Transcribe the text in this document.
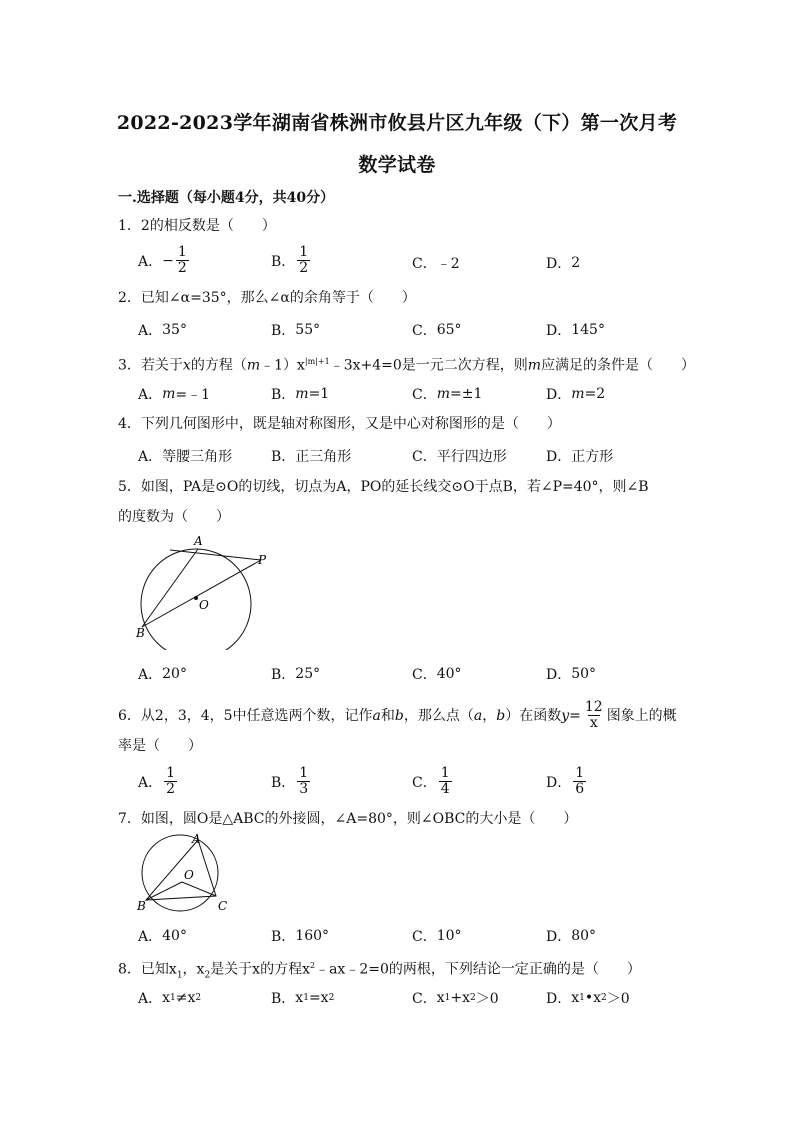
2022-2023学年湖南省株洲市攸县片区九年级（下）第一次月考
数学试卷
一.选择题（每小题4分，共40分）
1．2的相反数是（　　）
A． − $\frac{1}{2}$	B． $\frac{1}{2}$	C． ﹣2	D． 2
2．已知∠α=35°，那么∠α的余角等于（　　）
A． 35°	B． 55°	C． 65°	D． 145°
3．若关于x的方程$(m﹣1)x^{|m|+1}﹣3x+4=0$是一元二次方程，则m应满足的条件是（　　）
A． m =﹣1	B． m =1	C． m =±1	D． m =2
4．下列几何图形中，既是轴对称图形，又是中心对称图形的是（　　）
A． 等腰三角形	B． 正三角形	C． 平行四边形	D． 正方形
5．如图，PA是⊙O的切线，切点为A，PO的延长线交⊙O于点B，若∠P=40°，则∠B
的度数为（　　）
A
P
O
B
A． 20°	B． 25°	C． 40°	D． 50°
6．从2，3，4，5中任意选两个数，记作 a 和 b ，那么点（ a ， b ）在函数 $y = \frac{12}{x}$ 图象上的概
率是（　　）
A． $\frac{1}{2}$	B． $\frac{1}{3}$	C． $\frac{1}{4}$	D． $\frac{1}{6}$
7．如图，圆O是△ABC的外接圆，∠A=80°，则∠OBC的大小是（　　）
A
O
B	C
A． 40°	B． 160°	C． 10°	D． 80°
8．已知$x_1$，$x_2$是关于x的方程$x^2﹣ax﹣2=0$的两根，下列结论一定正确的是（　　）
A． x 1 ≠x 2	B． x 1 =x 2	C． x 1 +x 2 ＞0	D． x 1 •x 2 ＞0
